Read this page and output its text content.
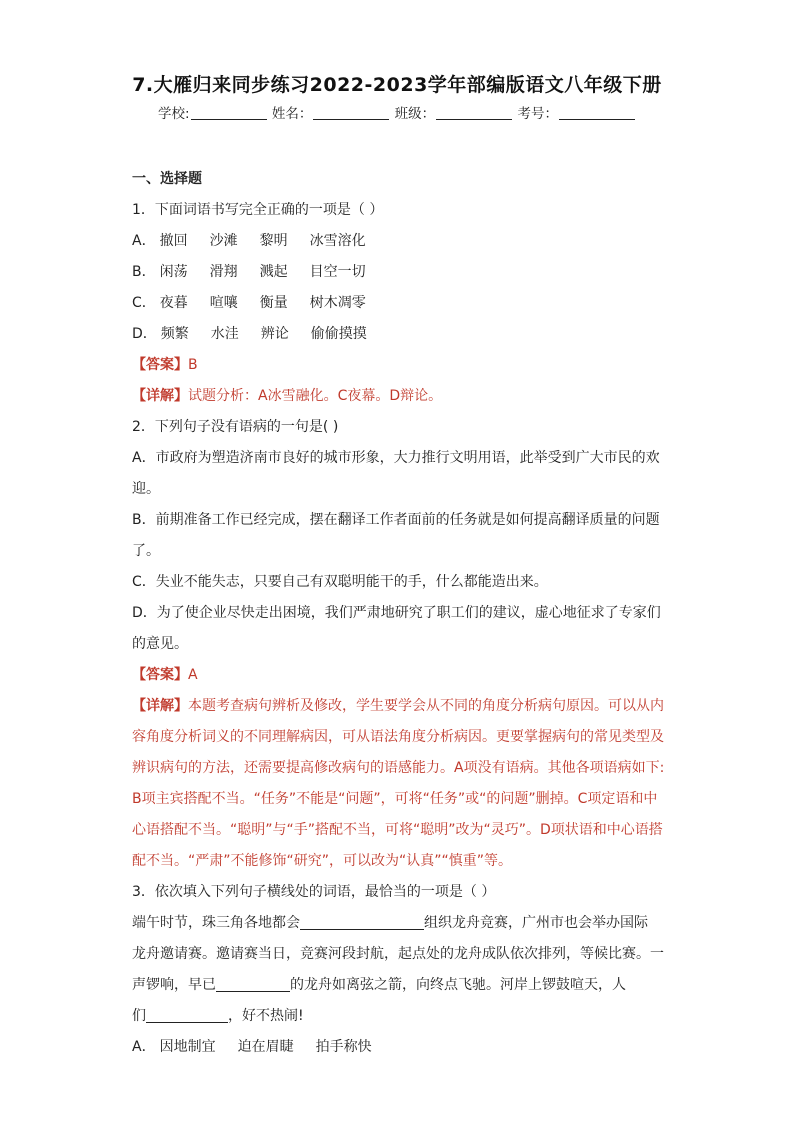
7.大雁归来同步练习2022-2023学年部编版语文八年级下册
学校:	姓名：	班级：	考号：
一、选择题
1．下面词语书写完全正确的一项是（ ）
A． 撤回 沙滩 黎明 冰雪溶化
B． 闲荡 滑翔 溅起 目空一切
C． 夜暮 喧嚷 衡量 树木凋零
D． 频繁 水洼 辨论 偷偷摸摸
【答案】B
【详解】试题分析：A冰雪融化。C夜幕。D辩论。
2．下列句子没有语病的一句是( )
A．市政府为塑造济南市良好的城市形象，大力推行文明用语，此举受到广大市民的欢
迎。
B．前期准备工作已经完成，摆在翻译工作者面前的任务就是如何提高翻译质量的问题
了。
C．失业不能失志，只要自己有双聪明能干的手，什么都能造出来。
D．为了使企业尽快走出困境，我们严肃地研究了职工们的建议，虚心地征求了专家们
的意见。
【答案】A
【详解】本题考查病句辨析及修改，学生要学会从不同的角度分析病句原因。可以从内
容角度分析词义的不同理解病因，可从语法角度分析病因。更要掌握病句的常见类型及
辨识病句的方法，还需要提高修改病句的语感能力。A项没有语病。其他各项语病如下:
B项主宾搭配不当。“任务”不能是“问题”，可将“任务”或“的问题”删掉。C项定语和中
心语搭配不当。“聪明”与“手”搭配不当，可将“聪明”改为“灵巧”。D项状语和中心语搭
配不当。“严肃”不能修饰“研究”，可以改为“认真”“慎重”等。
3．依次填入下列句子横线处的词语，最恰当的一项是（ ）
端午时节，珠三角各地都会	组织龙舟竞赛，广州市也会举办国际
龙舟邀请赛。邀请赛当日，竞赛河段封航，起点处的龙舟成队依次排列，等候比赛。一
声锣响，早已	的龙舟如离弦之箭，向终点飞驰。河岸上锣鼓喧天，人
们	，好不热闹!
A． 因地制宜 迫在眉睫 拍手称快
